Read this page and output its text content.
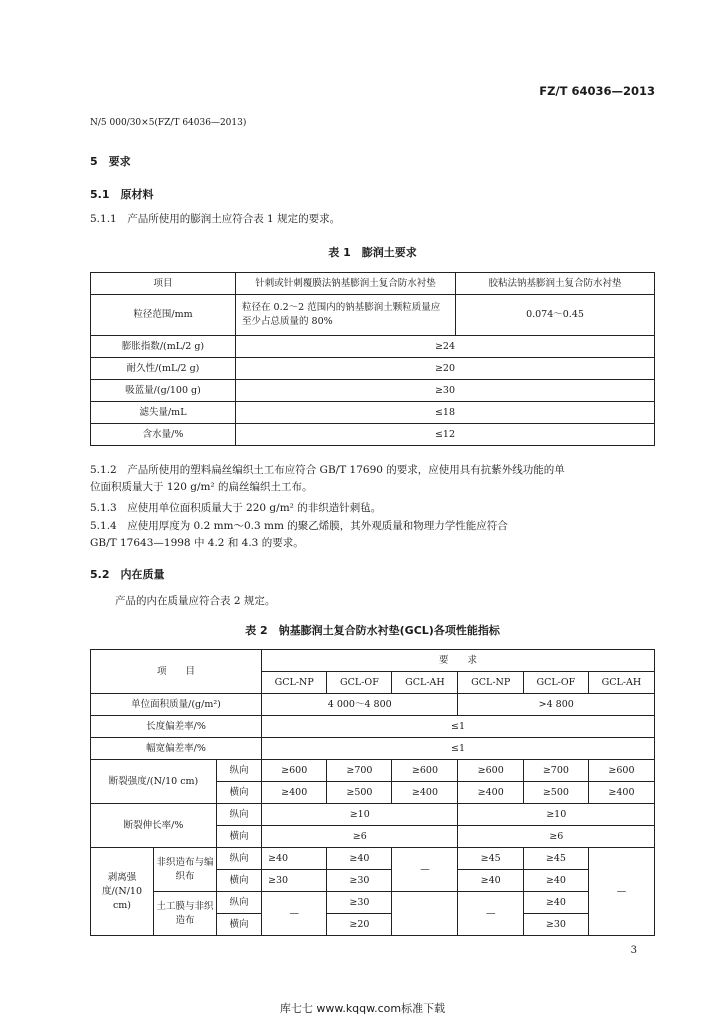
FZ/T 64036—2013
N/5 000/30×5(FZ/T 64036—2013)
5　要求
5.1　原材料
5.1.1　产品所使用的膨润土应符合表 1 规定的要求。
表 1　膨润土要求
项目	针刺或针刺覆膜法钠基膨润土复合防水衬垫	胶粘法钠基膨润土复合防水衬垫
粒径范围/mm	粒径在 0.2～2 范围内的钠基膨润土颗粒质量应至少占总质量的 80%	0.074～0.45
膨胀指数/(mL/2 g)	≥24	
耐久性/(mL/2 g)	≥20	
吸蓝量/(g/100 g)	≥30	
滤失量/mL	≤18	
含水量/%	≤12	
5.1.2　产品所使用的塑料扁丝编织土工布应符合 GB/T 17690 的要求，应使用具有抗紫外线功能的单
位面积质量大于 120 g/m² 的扁丝编织土工布。
5.1.3　应使用单位面积质量大于 220 g/m² 的非织造针刺毡。
5.1.4　应使用厚度为 0.2 mm～0.3 mm 的聚乙烯膜，其外观质量和物理力学性能应符合
GB/T 17643—1998 中 4.2 和 4.3 的要求。
5.2　内在质量
产品的内在质量应符合表 2 规定。
表 2　钠基膨润土复合防水衬垫(GCL)各项性能指标
项　　目			要　　求					
			GCL-NP	GCL-OF	GCL-AH	GCL-NP	GCL-OF	GCL-AH
单位面积质量/(g/m²)			4 000～4 800			>4 800		
长度偏差率/%			≤1					
幅宽偏差率/%			≤1					
断裂强度/(N/10 cm)		纵向	≥600	≥700	≥600	≥600	≥700	≥600
		横向	≥400	≥500	≥400	≥400	≥500	≥400
断裂伸长率/%		纵向	≥10			≥10		
		横向	≥6			≥6		
剥离强度/(N/10 cm)	非织造布与编织布	纵向	≥40	≥40	—	≥45	≥45	—
		横向	≥30	≥30		≥40	≥40	
	土工膜与非织造布	纵向	—	≥30		—	≥40	
		横向		≥20			≥30	
3
库七七 www.kqqw.com标准下载
